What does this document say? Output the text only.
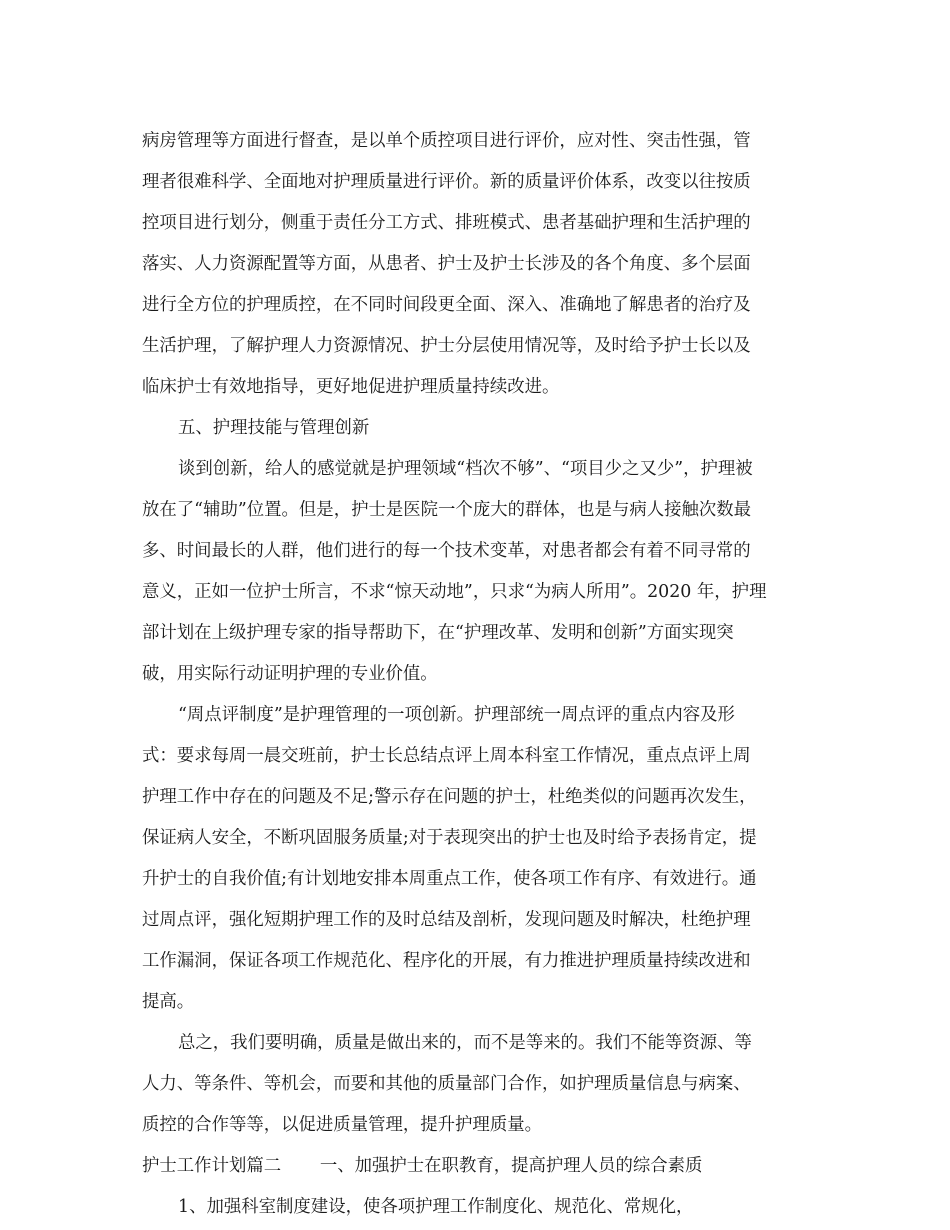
病房管理等方面进行督查，是以单个质控项目进行评价，应对性、突击性强，管
理者很难科学、全面地对护理质量进行评价。新的质量评价体系，改变以往按质
控项目进行划分，侧重于责任分工方式、排班模式、患者基础护理和生活护理的
落实、人力资源配置等方面，从患者、护士及护士长涉及的各个角度、多个层面
进行全方位的护理质控，在不同时间段更全面、深入、准确地了解患者的治疗及
生活护理，了解护理人力资源情况、护士分层使用情况等，及时给予护士长以及
临床护士有效地指导，更好地促进护理质量持续改进。
五、护理技能与管理创新
谈到创新，给人的感觉就是护理领域“档次不够”、“项目少之又少”，护理被
放在了“辅助”位置。但是，护士是医院一个庞大的群体，也是与病人接触次数最
多、时间最长的人群，他们进行的每一个技术变革，对患者都会有着不同寻常的
意义，正如一位护士所言，不求“惊天动地”，只求“为病人所用”。2020 年，护理
部计划在上级护理专家的指导帮助下，在“护理改革、发明和创新”方面实现突
破，用实际行动证明护理的专业价值。
“周点评制度”是护理管理的一项创新。护理部统一周点评的重点内容及形
式：要求每周一晨交班前，护士长总结点评上周本科室工作情况，重点点评上周
护理工作中存在的问题及不足;警示存在问题的护士，杜绝类似的问题再次发生，
保证病人安全，不断巩固服务质量;对于表现突出的护士也及时给予表扬肯定，提
升护士的自我价值;有计划地安排本周重点工作，使各项工作有序、有效进行。通
过周点评，强化短期护理工作的及时总结及剖析，发现问题及时解决，杜绝护理
工作漏洞，保证各项工作规范化、程序化的开展，有力推进护理质量持续改进和
提高。
总之，我们要明确，质量是做出来的，而不是等来的。我们不能等资源、等
人力、等条件、等机会，而要和其他的质量部门合作，如护理质量信息与病案、
质控的合作等等，以促进质量管理，提升护理质量。
护士工作计划篇二       一、加强护士在职教育，提高护理人员的综合素质
1、加强科室制度建设，使各项护理工作制度化、规范化、常规化，
